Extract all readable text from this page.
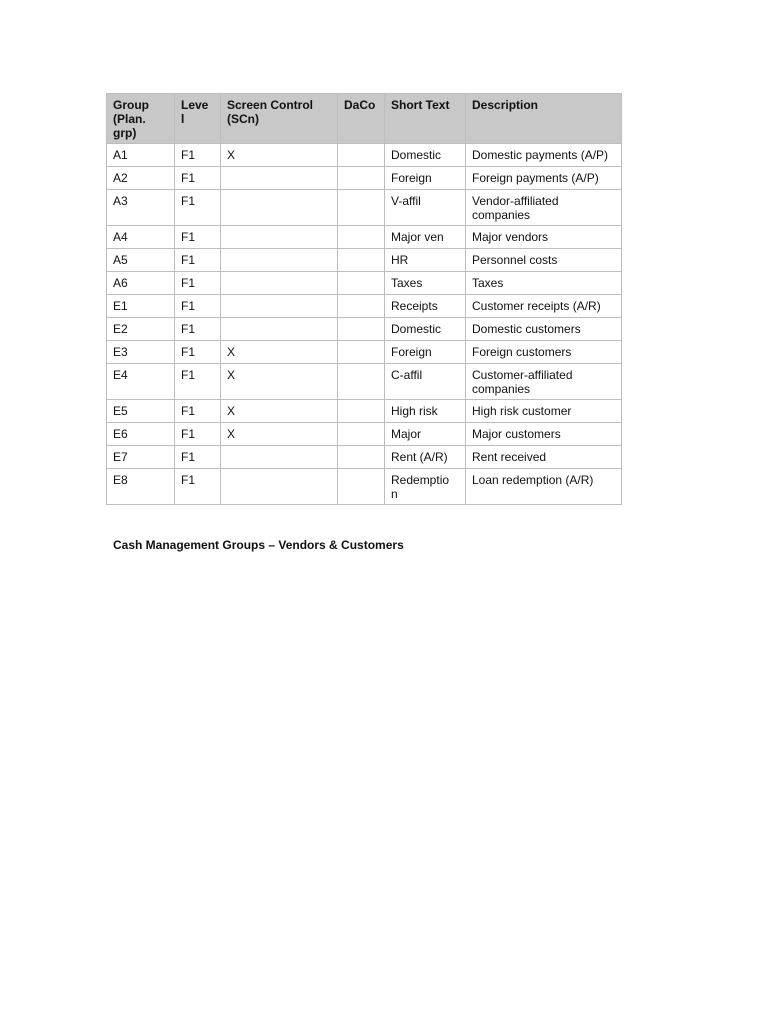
Group (Plan. grp)	Leve l	Screen Control (SCn)	DaCo	Short Text	Description
A1	F1	X		Domestic	Domestic payments (A/P)
A2	F1			Foreign	Foreign payments (A/P)
A3	F1			V-affil	Vendor-affiliated companies
A4	F1			Major ven	Major vendors
A5	F1			HR	Personnel costs
A6	F1			Taxes	Taxes
E1	F1			Receipts	Customer receipts (A/R)
E2	F1			Domestic	Domestic customers
E3	F1	X		Foreign	Foreign customers
E4	F1	X		C-affil	Customer-affiliated companies
E5	F1	X		High risk	High risk customer
E6	F1	X		Major	Major customers
E7	F1			Rent (A/R)	Rent received
E8	F1			Redemptio n	Loan redemption (A/R)
Cash Management Groups – Vendors & Customers
